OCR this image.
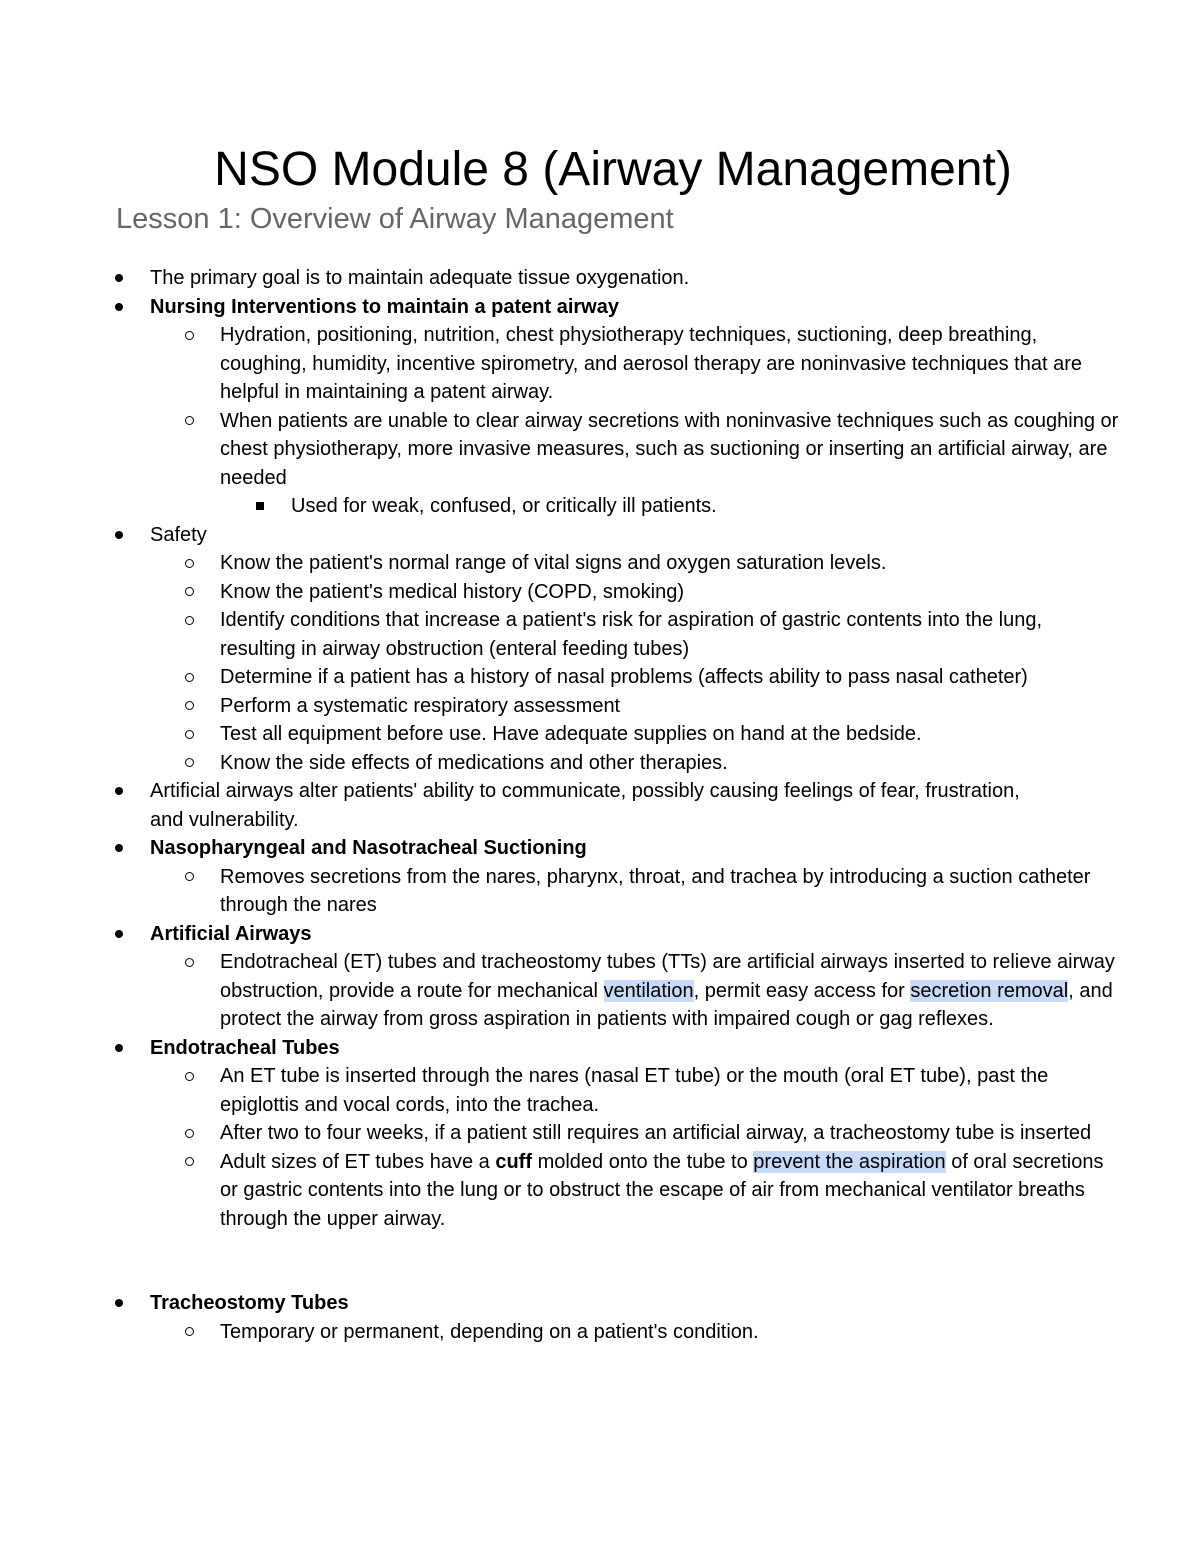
NSO Module 8 (Airway Management)
Lesson 1: Overview of Airway Management
The primary goal is to maintain adequate tissue oxygenation.
Nursing Interventions to maintain a patent airway
Hydration, positioning, nutrition, chest physiotherapy techniques, suctioning, deep breathing, coughing, humidity, incentive spirometry, and aerosol therapy are noninvasive techniques that are helpful in maintaining a patent airway.
When patients are unable to clear airway secretions with noninvasive techniques such as coughing or chest physiotherapy, more invasive measures, such as suctioning or inserting an artificial airway, are needed
Used for weak, confused, or critically ill patients.
Safety
Know the patient's normal range of vital signs and oxygen saturation levels.
Know the patient's medical history (COPD, smoking)
Identify conditions that increase a patient's risk for aspiration of gastric contents into the lung, resulting in airway obstruction (enteral feeding tubes)
Determine if a patient has a history of nasal problems (affects ability to pass nasal catheter)
Perform a systematic respiratory assessment
Test all equipment before use. Have adequate supplies on hand at the bedside.
Know the side effects of medications and other therapies.
Artificial airways alter patients' ability to communicate, possibly causing feelings of fear, frustration, and vulnerability.
Nasopharyngeal and Nasotracheal Suctioning
Removes secretions from the nares, pharynx, throat, and trachea by introducing a suction catheter through the nares
Artificial Airways
Endotracheal (ET) tubes and tracheostomy tubes (TTs) are artificial airways inserted to relieve airway obstruction, provide a route for mechanical ventilation, permit easy access for secretion removal, and protect the airway from gross aspiration in patients with impaired cough or gag reflexes.
Endotracheal Tubes
An ET tube is inserted through the nares (nasal ET tube) or the mouth (oral ET tube), past the epiglottis and vocal cords, into the trachea.
After two to four weeks, if a patient still requires an artificial airway, a tracheostomy tube is inserted
Adult sizes of ET tubes have a cuff molded onto the tube to prevent the aspiration of oral secretions or gastric contents into the lung or to obstruct the escape of air from mechanical ventilator breaths through the upper airway.
Tracheostomy Tubes
Temporary or permanent, depending on a patient's condition.
